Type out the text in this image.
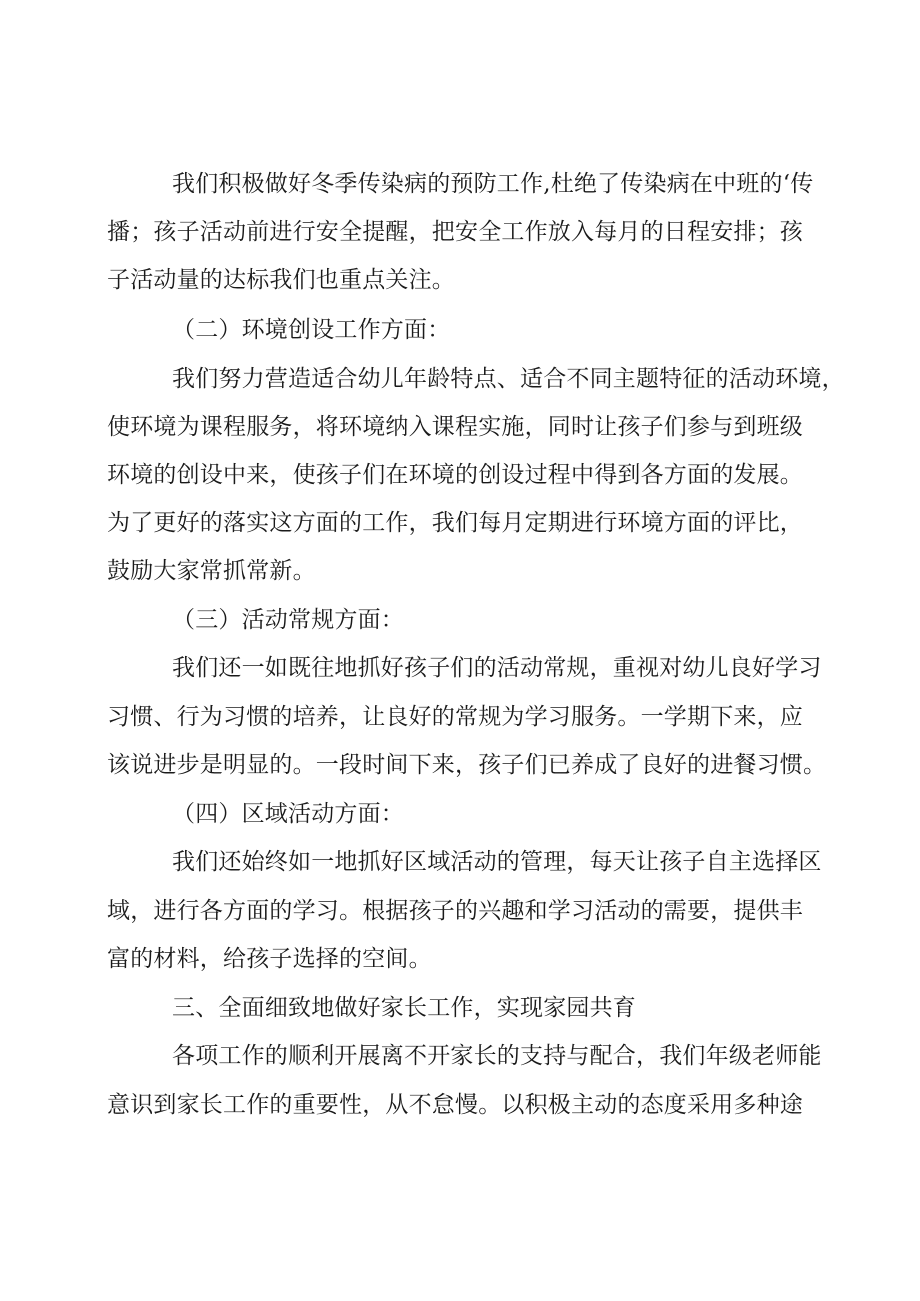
我们积极做好冬季传染病的预防工作,杜绝了传染病在中班的‘传
播；孩子活动前进行安全提醒，把安全工作放入每月的日程安排；孩
子活动量的达标我们也重点关注。
（二）环境创设工作方面：
我们努力营造适合幼儿年龄特点、适合不同主题特征的活动环境，
使环境为课程服务，将环境纳入课程实施，同时让孩子们参与到班级
环境的创设中来，使孩子们在环境的创设过程中得到各方面的发展。
为了更好的落实这方面的工作，我们每月定期进行环境方面的评比，
鼓励大家常抓常新。
（三）活动常规方面：
我们还一如既往地抓好孩子们的活动常规，重视对幼儿良好学习
习惯、行为习惯的培养，让良好的常规为学习服务。一学期下来，应
该说进步是明显的。一段时间下来，孩子们已养成了良好的进餐习惯。
（四）区域活动方面：
我们还始终如一地抓好区域活动的管理，每天让孩子自主选择区
域，进行各方面的学习。根据孩子的兴趣和学习活动的需要，提供丰
富的材料，给孩子选择的空间。
三、全面细致地做好家长工作，实现家园共育
各项工作的顺利开展离不开家长的支持与配合，我们年级老师能
意识到家长工作的重要性，从不怠慢。以积极主动的态度采用多种途
